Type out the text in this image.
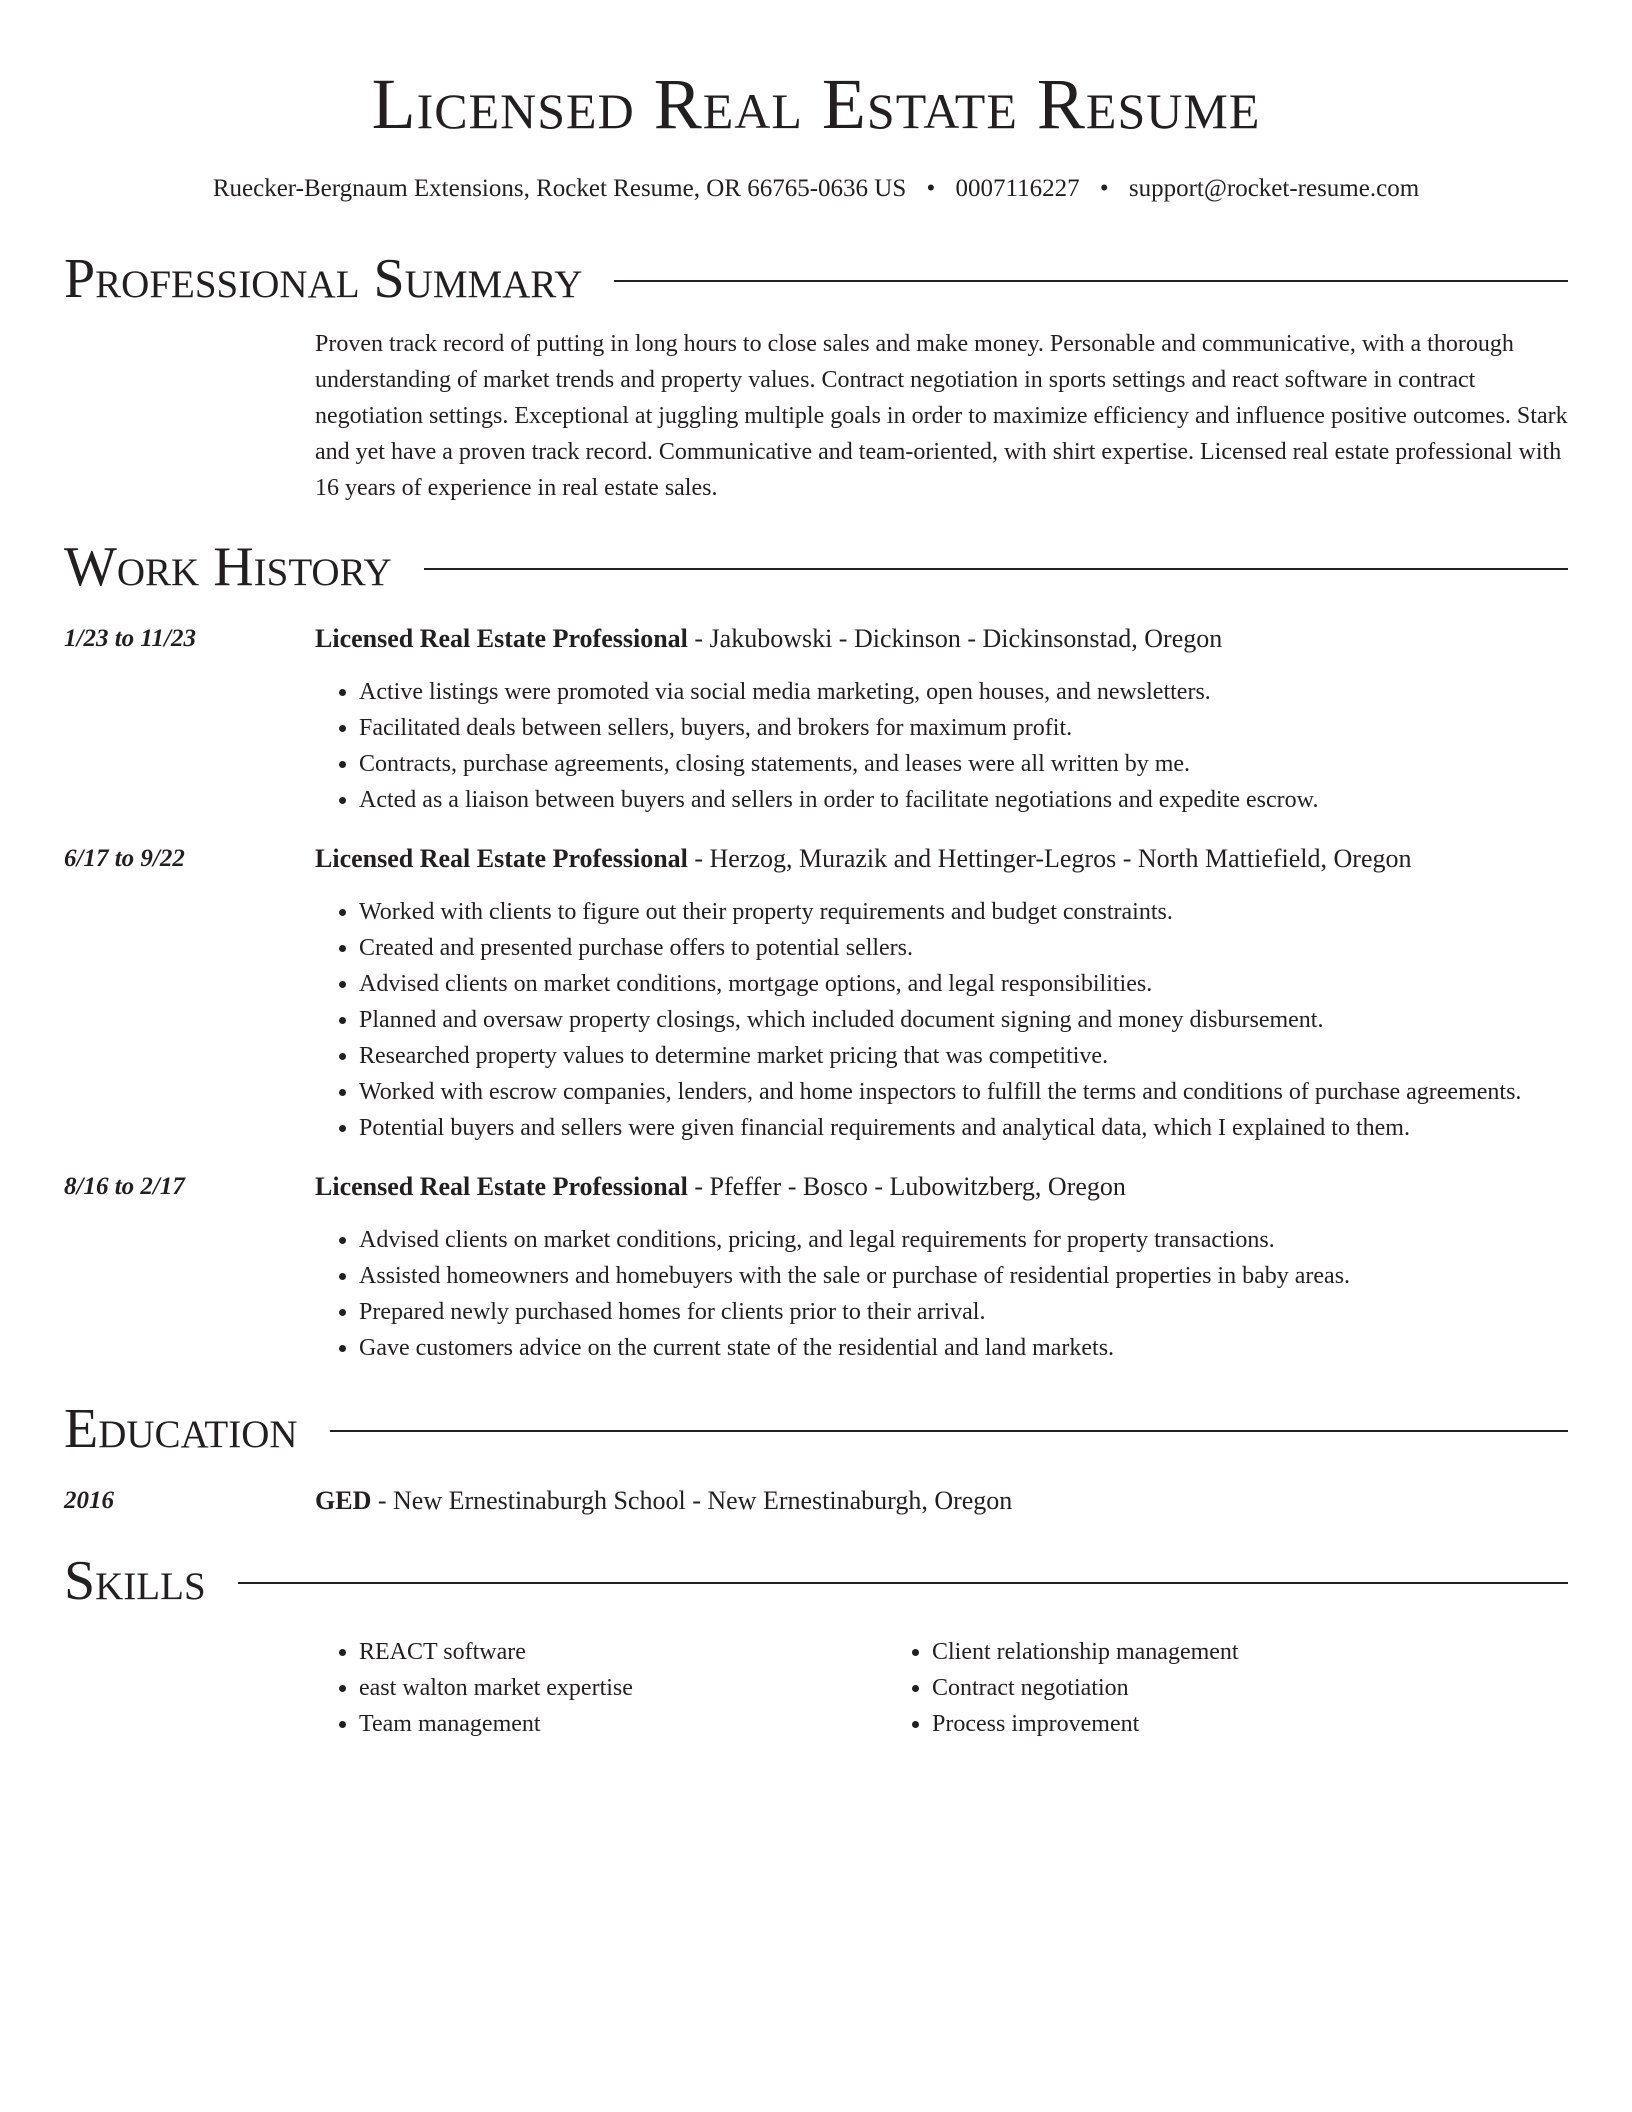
Licensed Real Estate Resume
Ruecker-Bergnaum Extensions, Rocket Resume, OR 66765-0636 US • 0007116227 • support@rocket-resume.com
Professional Summary
Proven track record of putting in long hours to close sales and make money. Personable and communicative, with a thorough understanding of market trends and property values. Contract negotiation in sports settings and react software in contract negotiation settings. Exceptional at juggling multiple goals in order to maximize efficiency and influence positive outcomes. Stark and yet have a proven track record. Communicative and team-oriented, with shirt expertise. Licensed real estate professional with 16 years of experience in real estate sales.
Work History
1/23 to 11/23	Licensed Real Estate Professional - Jakubowski - Dickinson - Dickinsonstad, Oregon
• Active listings were promoted via social media marketing, open houses, and newsletters.
• Facilitated deals between sellers, buyers, and brokers for maximum profit.
• Contracts, purchase agreements, closing statements, and leases were all written by me.
• Acted as a liaison between buyers and sellers in order to facilitate negotiations and expedite escrow.
6/17 to 9/22	Licensed Real Estate Professional - Herzog, Murazik and Hettinger-Legros - North Mattiefield, Oregon
• Worked with clients to figure out their property requirements and budget constraints.
• Created and presented purchase offers to potential sellers.
• Advised clients on market conditions, mortgage options, and legal responsibilities.
• Planned and oversaw property closings, which included document signing and money disbursement.
• Researched property values to determine market pricing that was competitive.
• Worked with escrow companies, lenders, and home inspectors to fulfill the terms and conditions of purchase agreements.
• Potential buyers and sellers were given financial requirements and analytical data, which I explained to them.
8/16 to 2/17	Licensed Real Estate Professional - Pfeffer - Bosco - Lubowitzberg, Oregon
• Advised clients on market conditions, pricing, and legal requirements for property transactions.
• Assisted homeowners and homebuyers with the sale or purchase of residential properties in baby areas.
• Prepared newly purchased homes for clients prior to their arrival.
• Gave customers advice on the current state of the residential and land markets.
Education
2016	GED - New Ernestinaburgh School - New Ernestinaburgh, Oregon
Skills
• REACT software
• east walton market expertise
• Team management
• Client relationship management
• Contract negotiation
• Process improvement
